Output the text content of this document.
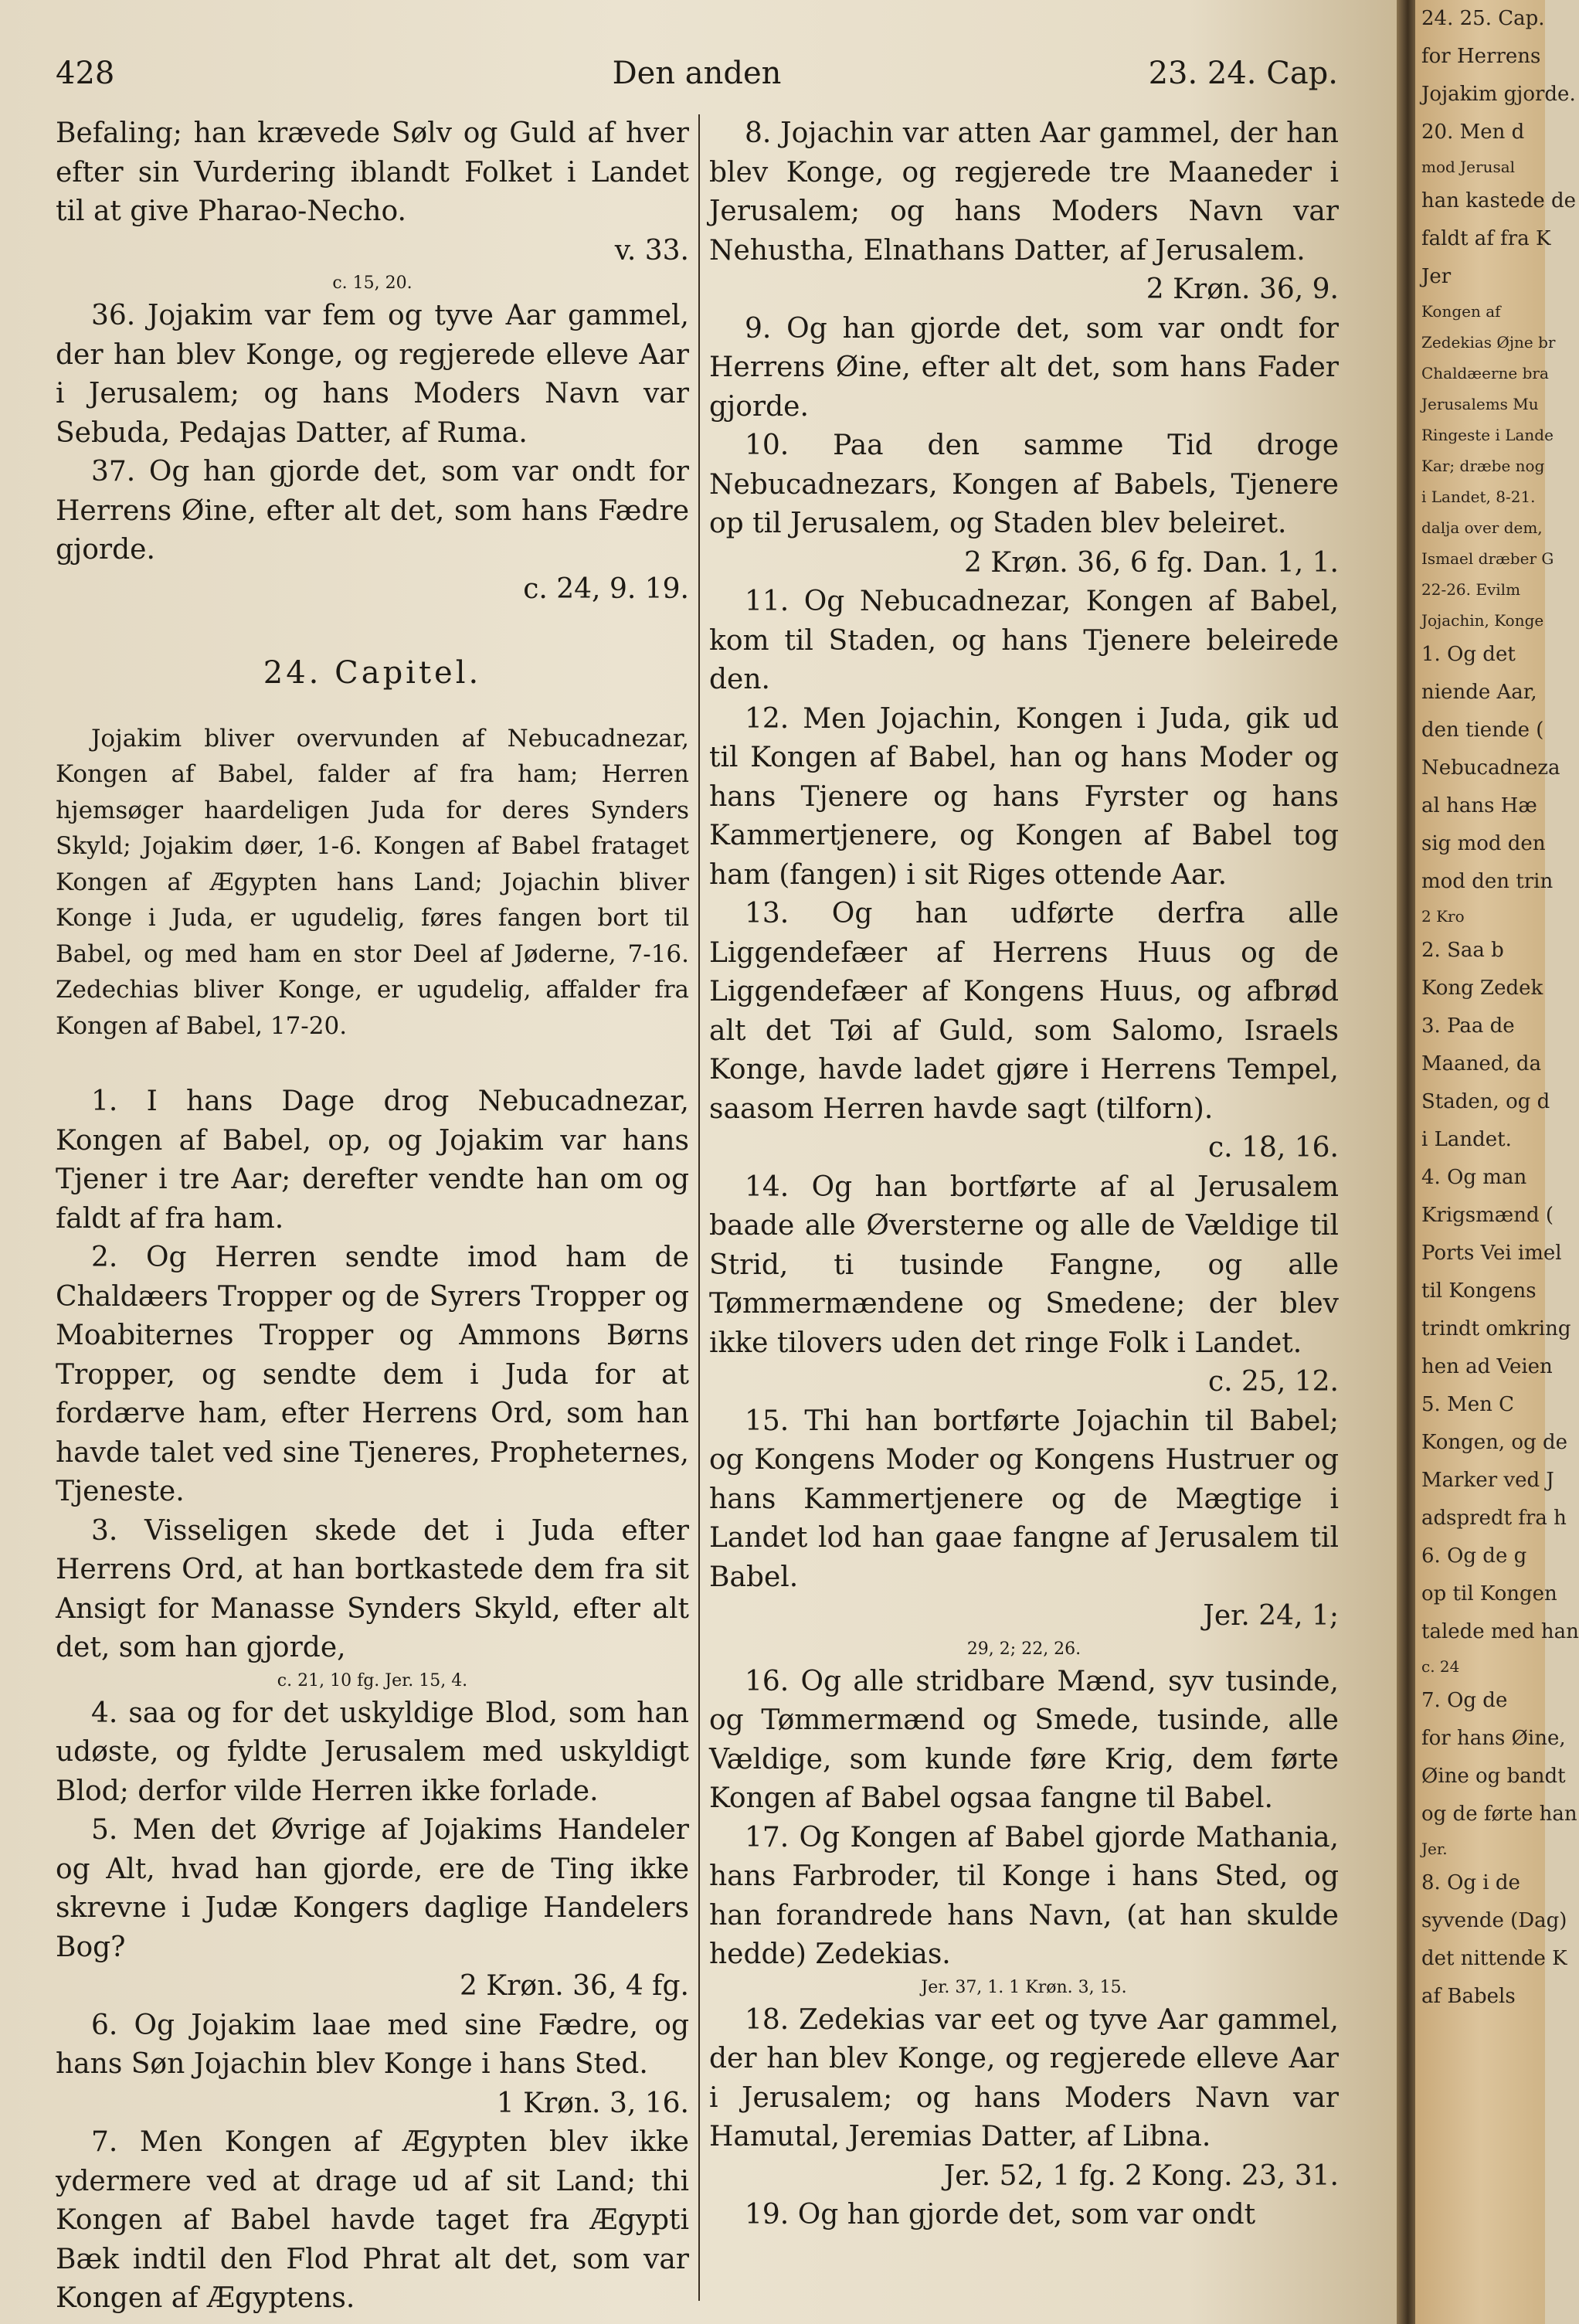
428	Den anden	23. 24. Cap.

Befaling; han krævede Sølv og Guld af hver efter sin Vurdering iblandt Folket i Landet til at give Pharao-Necho.

v. 33.

c. 15, 20.

36. Jojakim var fem og tyve Aar gammel, der han blev Konge, og regjerede elleve Aar i Jerusalem; og hans Moders Navn var Sebuda, Pedajas Datter, af Ruma.

37. Og han gjorde det, som var ondt for Herrens Øine, efter alt det, som hans Fædre gjorde.

c. 24, 9. 19.

24. Capitel.

Jojakim bliver overvunden af Nebucadnezar, Kongen af Babel, falder af fra ham; Herren hjemsøger haardeligen Juda for deres Synders Skyld; Jojakim døer, 1-6. Kongen af Babel frataget Kongen af Ægypten hans Land; Jojachin bliver Konge i Juda, er ugudelig, føres fangen bort til Babel, og med ham en stor Deel af Jøderne, 7-16. Zedechias bliver Konge, er ugudelig, affalder fra Kongen af Babel, 17-20.

1. I hans Dage drog Nebucadnezar, Kongen af Babel, op, og Jojakim var hans Tjener i tre Aar; derefter vendte han om og faldt af fra ham.

2. Og Herren sendte imod ham de Chaldæers Tropper og de Syrers Tropper og Moabiternes Tropper og Ammons Børns Tropper, og sendte dem i Juda for at fordærve ham, efter Herrens Ord, som han havde talet ved sine Tjeneres, Propheternes, Tjeneste.

3. Visseligen skede det i Juda efter Herrens Ord, at han bortkastede dem fra sit Ansigt for Manasse Synders Skyld, efter alt det, som han gjorde,

c. 21, 10 fg. Jer. 15, 4.

4. saa og for det uskyldige Blod, som han udøste, og fyldte Jerusalem med uskyldigt Blod; derfor vilde Herren ikke forlade.

5. Men det Øvrige af Jojakims Handeler og Alt, hvad han gjorde, ere de Ting ikke skrevne i Judæ Kongers daglige Handelers Bog?

2 Krøn. 36, 4 fg.

6. Og Jojakim laae med sine Fædre, og hans Søn Jojachin blev Konge i hans Sted.

1 Krøn. 3, 16.

7. Men Kongen af Ægypten blev ikke ydermere ved at drage ud af sit Land; thi Kongen af Babel havde taget fra Ægypti Bæk indtil den Flod Phrat alt det, som var Kongen af Ægyptens.

8. Jojachin var atten Aar gammel, der han blev Konge, og regjerede tre Maaneder i Jerusalem; og hans Moders Navn var Nehustha, Elnathans Datter, af Jerusalem.

2 Krøn. 36, 9.

9. Og han gjorde det, som var ondt for Herrens Øine, efter alt det, som hans Fader gjorde.

10. Paa den samme Tid droge Nebucadnezars, Kongen af Babels, Tjenere op til Jerusalem, og Staden blev beleiret.

2 Krøn. 36, 6 fg. Dan. 1, 1.

11. Og Nebucadnezar, Kongen af Babel, kom til Staden, og hans Tjenere beleirede den.

12. Men Jojachin, Kongen i Juda, gik ud til Kongen af Babel, han og hans Moder og hans Tjenere og hans Fyrster og hans Kammertjenere, og Kongen af Babel tog ham (fangen) i sit Riges ottende Aar.

13. Og han udførte derfra alle Liggendefæer af Herrens Huus og de Liggendefæer af Kongens Huus, og afbrød alt det Tøi af Guld, som Salomo, Israels Konge, havde ladet gjøre i Herrens Tempel, saasom Herren havde sagt (tilforn).

c. 18, 16.

14. Og han bortførte af al Jerusalem baade alle Øversterne og alle de Vældige til Strid, ti tusinde Fangne, og alle Tømmermændene og Smedene; der blev ikke tilovers uden det ringe Folk i Landet.

c. 25, 12.

15. Thi han bortførte Jojachin til Babel; og Kongens Moder og Kongens Hustruer og hans Kammertjenere og de Mægtige i Landet lod han gaae fangne af Jerusalem til Babel.

Jer. 24, 1;

29, 2; 22, 26.

16. Og alle stridbare Mænd, syv tusinde, og Tømmermænd og Smede, tusinde, alle Vældige, som kunde føre Krig, dem førte Kongen af Babel ogsaa fangne til Babel.

17. Og Kongen af Babel gjorde Mathania, hans Farbroder, til Konge i hans Sted, og han forandrede hans Navn, (at han skulde hedde) Zedekias.

Jer. 37, 1. 1 Krøn. 3, 15.

18. Zedekias var eet og tyve Aar gammel, der han blev Konge, og regjerede elleve Aar i Jerusalem; og hans Moders Navn var Hamutal, Jeremias Datter, af Libna.

Jer. 52, 1 fg. 2 Kong. 23, 31.

19. Og han gjorde det, som var ondt

24. 25. Cap.
for Herrens
Jojakim gjorde.
20. Men d
mod Jerusal
han kastede de
faldt af fra K
Jer
Kongen af
Zedekias Øjne br
Chaldæerne bra
Jerusalems Mu
Ringeste i Lande
Kar; dræbe nog
i Landet, 8-21.
dalja over dem,
Ismael dræber G
22-26. Evilm
Jojachin, Konge
1. Og det
niende Aar,
den tiende (
Nebucadneza
al hans Hæ
sig mod den
mod den trin
2 Kro
2. Saa b
Kong Zedek
3. Paa de
Maaned, da
Staden, og d
i Landet.
4. Og man
Krigsmænd (
Ports Vei imel
til Kongens
trindt omkring
hen ad Veien
5. Men C
Kongen, og de
Marker ved J
adspredt fra h
6. Og de g
op til Kongen
talede med han
c. 24
7. Og de
for hans Øine,
Øine og bandt
og de førte han
Jer.
8. Og i de
syvende (Dag)
det nittende K
af Babels
